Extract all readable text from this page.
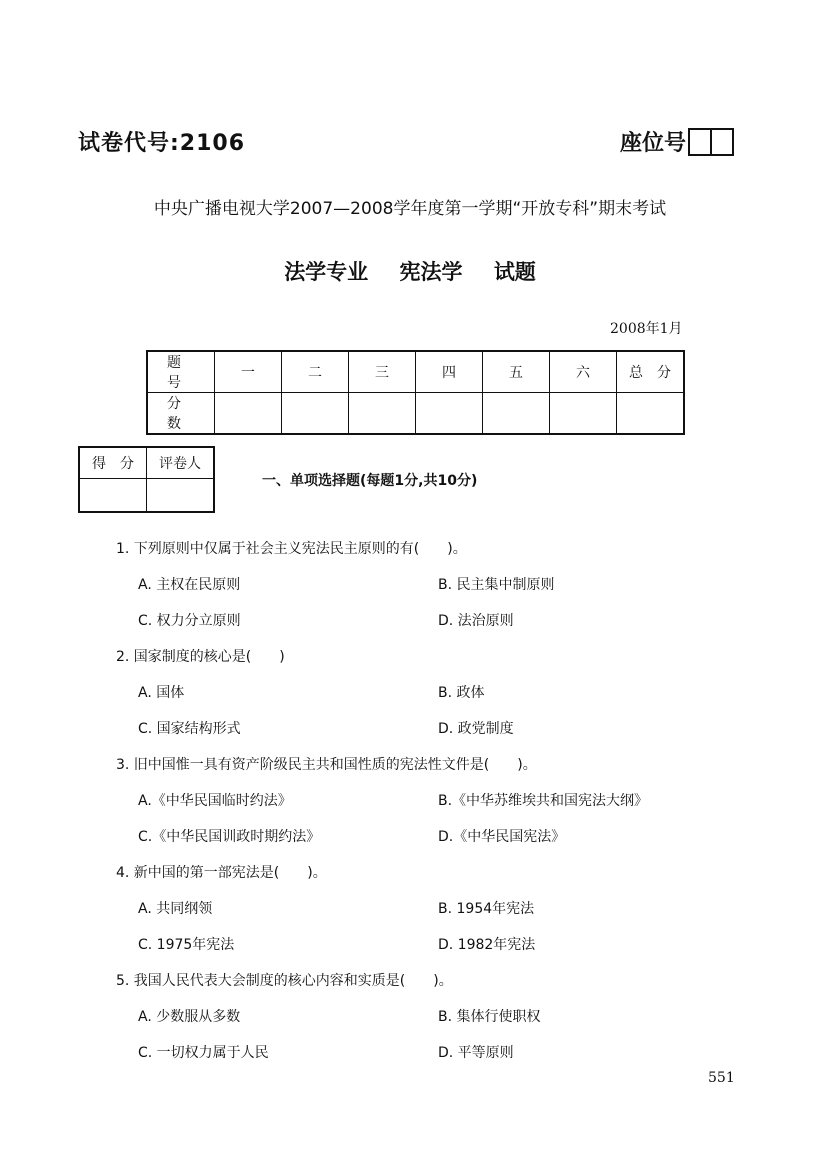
试卷代号:2106	座位号
中央广播电视大学2007—2008学年度第一学期“开放专科”期末考试
法学专业 宪法学 试题
2008年1月
题　号	一	二	三	四	五	六	总　分
分　数							
得　分	评卷人

一、单项选择题(每题1分,共10分)
1. 下列原则中仅属于社会主义宪法民主原则的有(　　)。
A. 主权在民原则	B. 民主集中制原则
C. 权力分立原则	D. 法治原则
2. 国家制度的核心是(　　)
A. 国体	B. 政体
C. 国家结构形式	D. 政党制度
3. 旧中国惟一具有资产阶级民主共和国性质的宪法性文件是(　　)。
A.《中华民国临时约法》	B.《中华苏维埃共和国宪法大纲》
C.《中华民国训政时期约法》	D.《中华民国宪法》
4. 新中国的第一部宪法是(　　)。
A. 共同纲领	B. 1954年宪法
C. 1975年宪法	D. 1982年宪法
5. 我国人民代表大会制度的核心内容和实质是(　　)。
A. 少数服从多数	B. 集体行使职权
C. 一切权力属于人民	D. 平等原则
551
